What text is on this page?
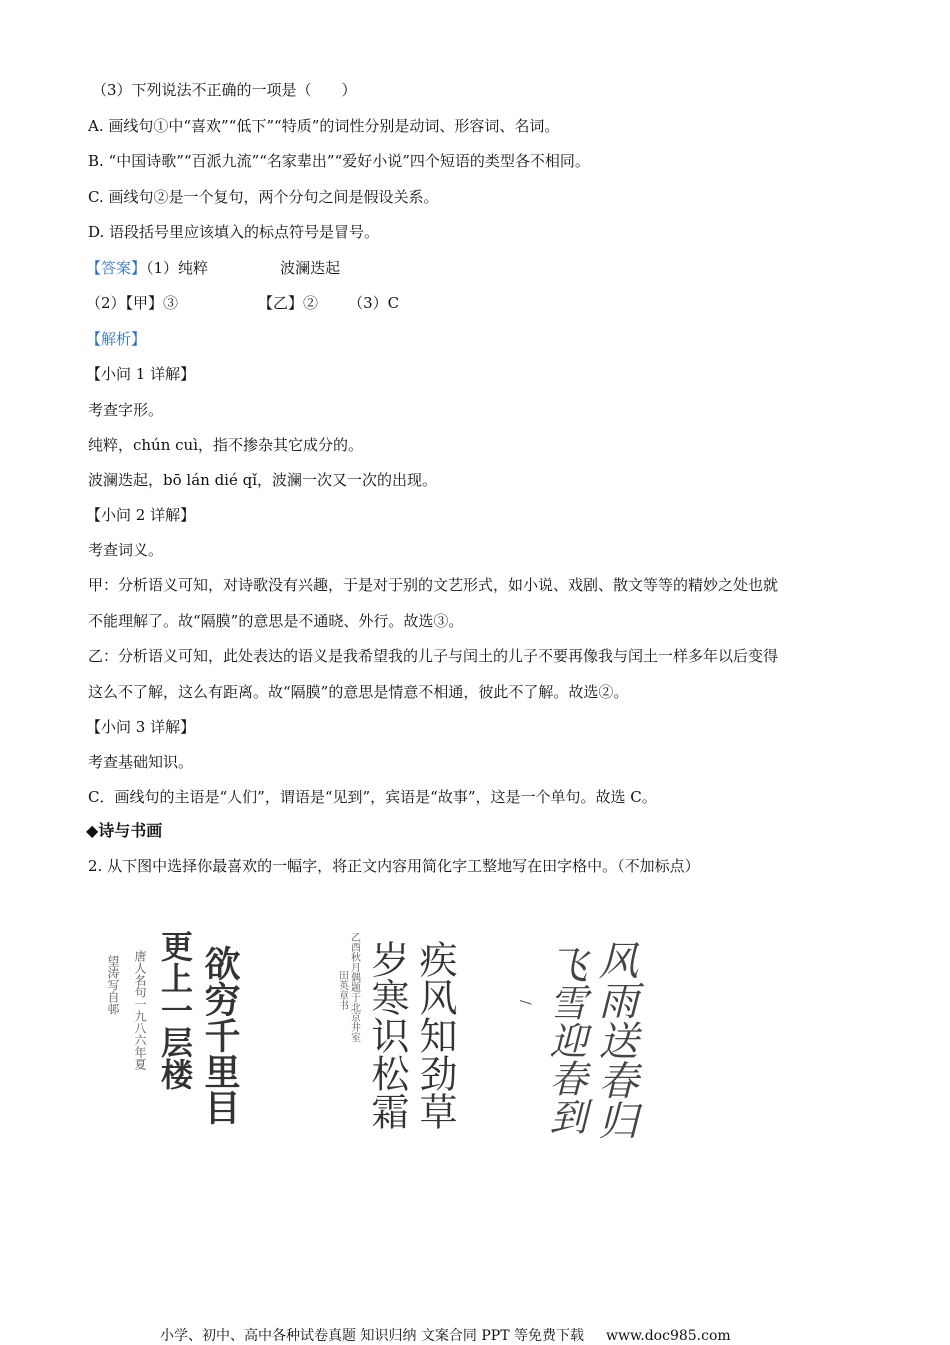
（3）下列说法不正确的一项是（　　）
A. 画线句①中“喜欢”“低下”“特质”的词性分别是动词、形容词、名词。
B. “中国诗歌”“百派九流”“名家辈出”“爱好小说”四个短语的类型各不相同。
C. 画线句②是一个复句，两个分句之间是假设关系。
D. 语段括号里应该填入的标点符号是冒号。
【答案】（1）纯粹	波澜迭起
（2）【甲】③	【乙】② （3）C
【解析】
【小问 1 详解】
考查字形。
纯粹，chún cuì，指不掺杂其它成分的。
波澜迭起，bō lán dié qǐ，波澜一次又一次的出现。
【小问 2 详解】
考查词义。
甲：分析语义可知，对诗歌没有兴趣，于是对于别的文艺形式，如小说、戏剧、散文等等的精妙之处也就
不能理解了。故“隔膜”的意思是不通晓、外行。故选③。
乙：分析语义可知，此处表达的语义是我希望我的儿子与闰土的儿子不要再像我与闰土一样多年以后变得
这么不了解，这么有距离。故“隔膜”的意思是情意不相通，彼此不了解。故选②。
【小问 3 详解】
考查基础知识。
C．画线句的主语是“人们”，谓语是“见到”，宾语是“故事”，这是一个单句。故选 C。
◆诗与书画
2. 从下图中选择你最喜欢的一幅字，将正文内容用简化字工整地写在田字格中。（不加标点）
欲穷千里目
更上一层楼
唐人名句一九八六年夏
望涛写自邨	疾风知劲草
岁寒识松霜
乙酉秋月偶题于北京井室
田英章书	风雨送春归
飞雪迎春到
/
小学、初中、高中各种试卷真题 知识归纳 文案合同 PPT 等免费下载 www.doc985.com
